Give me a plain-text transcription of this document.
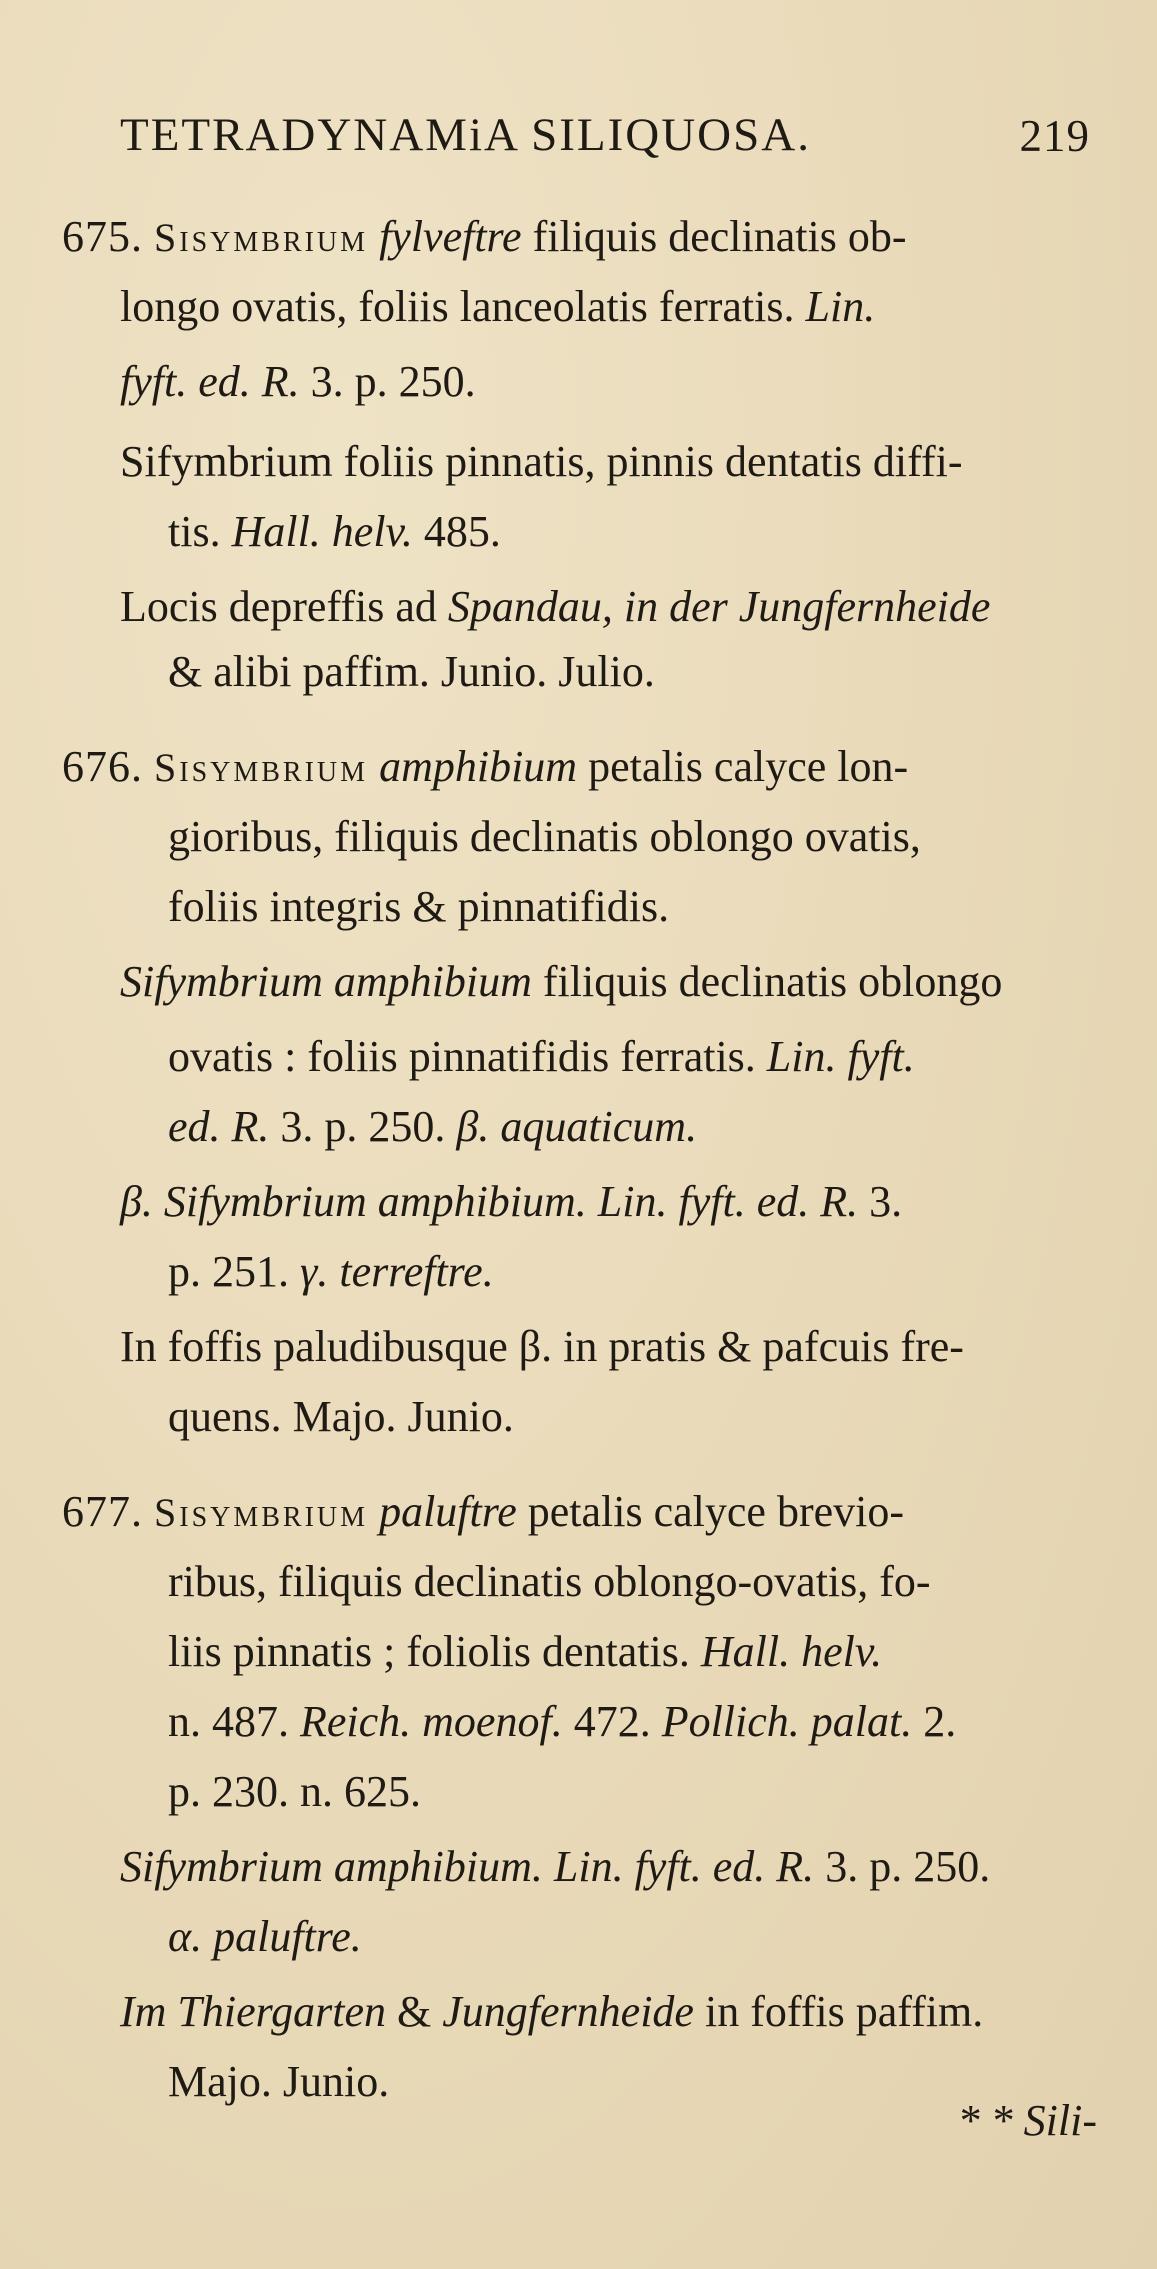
TETRADYNAMiA SILIQUOSA.	219
675. Sisymbrium fylveftre filiquis declinatis ob-
longo ovatis, foliis lanceolatis ferratis. Lin.
fyft. ed. R. 3. p. 250.
Sifymbrium foliis pinnatis, pinnis dentatis diffi-
tis. Hall. helv. 485.
Locis depreffis ad Spandau, in der Jungfernheide
& alibi paffim. Junio. Julio.
676. Sisymbrium amphibium petalis calyce lon-
gioribus, filiquis declinatis oblongo ovatis,
foliis integris & pinnatifidis.
Sifymbrium amphibium filiquis declinatis oblongo
ovatis : foliis pinnatifidis ferratis. Lin. fyft.
ed. R. 3. p. 250. β. aquaticum.
β. Sifymbrium amphibium. Lin. fyft. ed. R. 3.
p. 251. γ. terreftre.
In foffis paludibusque β. in pratis & pafcuis fre-
quens. Majo. Junio.
677. Sisymbrium paluftre petalis calyce brevio-
ribus, filiquis declinatis oblongo-ovatis, fo-
liis pinnatis ; foliolis dentatis. Hall. helv.
n. 487. Reich. moenof. 472. Pollich. palat. 2.
p. 230. n. 625.
Sifymbrium amphibium. Lin. fyft. ed. R. 3. p. 250.
α. paluftre.
Im Thiergarten & Jungfernheide in foffis paffim.
Majo. Junio.
* * Sili-
